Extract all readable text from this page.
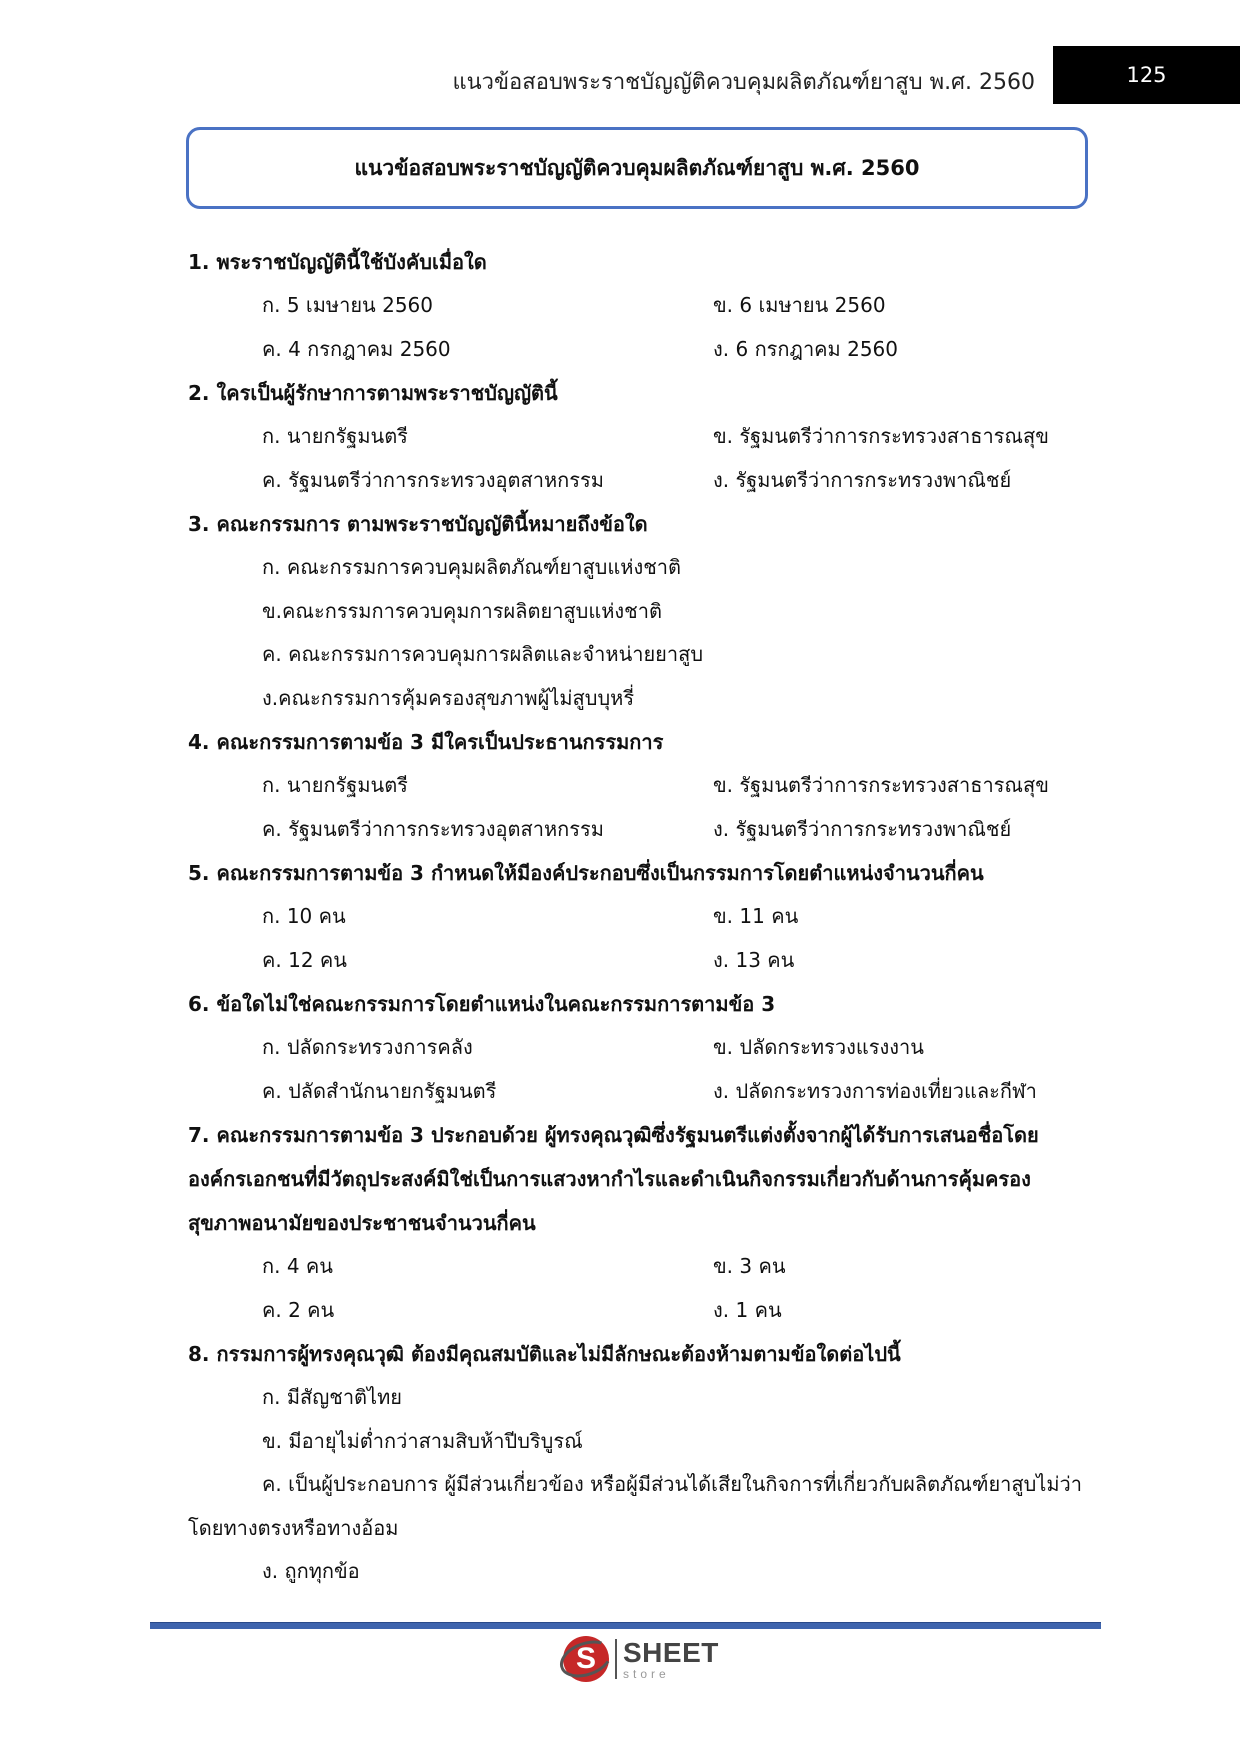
แนวข้อสอบพระราชบัญญัติควบคุมผลิตภัณฑ์ยาสูบ พ.ศ. 2560	125
แนวข้อสอบพระราชบัญญัติควบคุมผลิตภัณฑ์ยาสูบ พ.ศ. 2560
1. พระราชบัญญัตินี้ใช้บังคับเมื่อใด
ก. 5 เมษายน 2560	ข. 6 เมษายน 2560
ค. 4 กรกฎาคม 2560	ง. 6 กรกฎาคม 2560
2. ใครเป็นผู้รักษาการตามพระราชบัญญัตินี้
ก. นายกรัฐมนตรี	ข. รัฐมนตรีว่าการกระทรวงสาธารณสุข
ค. รัฐมนตรีว่าการกระทรวงอุตสาหกรรม	ง. รัฐมนตรีว่าการกระทรวงพาณิชย์
3. คณะกรรมการ ตามพระราชบัญญัตินี้หมายถึงข้อใด
ก. คณะกรรมการควบคุมผลิตภัณฑ์ยาสูบแห่งชาติ
ข.คณะกรรมการควบคุมการผลิตยาสูบแห่งชาติ
ค. คณะกรรมการควบคุมการผลิตและจำหน่ายยาสูบ
ง.คณะกรรมการคุ้มครองสุขภาพผู้ไม่สูบบุหรี่
4. คณะกรรมการตามข้อ 3 มีใครเป็นประธานกรรมการ
ก. นายกรัฐมนตรี	ข. รัฐมนตรีว่าการกระทรวงสาธารณสุข
ค. รัฐมนตรีว่าการกระทรวงอุตสาหกรรม	ง. รัฐมนตรีว่าการกระทรวงพาณิชย์
5. คณะกรรมการตามข้อ 3 กำหนดให้มีองค์ประกอบซึ่งเป็นกรรมการโดยตำแหน่งจำนวนกี่คน
ก. 10 คน	ข. 11 คน
ค. 12 คน	ง. 13 คน
6. ข้อใดไม่ใช่คณะกรรมการโดยตำแหน่งในคณะกรรมการตามข้อ 3
ก. ปลัดกระทรวงการคลัง	ข. ปลัดกระทรวงแรงงาน
ค. ปลัดสำนักนายกรัฐมนตรี	ง. ปลัดกระทรวงการท่องเที่ยวและกีฬา
7. คณะกรรมการตามข้อ 3 ประกอบด้วย ผู้ทรงคุณวุฒิซึ่งรัฐมนตรีแต่งตั้งจากผู้ได้รับการเสนอชื่อโดยองค์กรเอกชนที่มีวัตถุประสงค์มิใช่เป็นการแสวงหากำไรและดำเนินกิจกรรมเกี่ยวกับด้านการคุ้มครองสุขภาพอนามัยของประชาชนจำนวนกี่คน
ก. 4 คน	ข. 3 คน
ค. 2 คน	ง. 1 คน
8. กรรมการผู้ทรงคุณวุฒิ ต้องมีคุณสมบัติและไม่มีลักษณะต้องห้ามตามข้อใดต่อไปนี้
ก. มีสัญชาติไทย
ข. มีอายุไม่ต่ำกว่าสามสิบห้าปีบริบูรณ์
ค. เป็นผู้ประกอบการ ผู้มีส่วนเกี่ยวข้อง หรือผู้มีส่วนได้เสียในกิจการที่เกี่ยวกับผลิตภัณฑ์ยาสูบไม่ว่าโดยทางตรงหรือทางอ้อม
ง. ถูกทุกข้อ
S SHEET
store
